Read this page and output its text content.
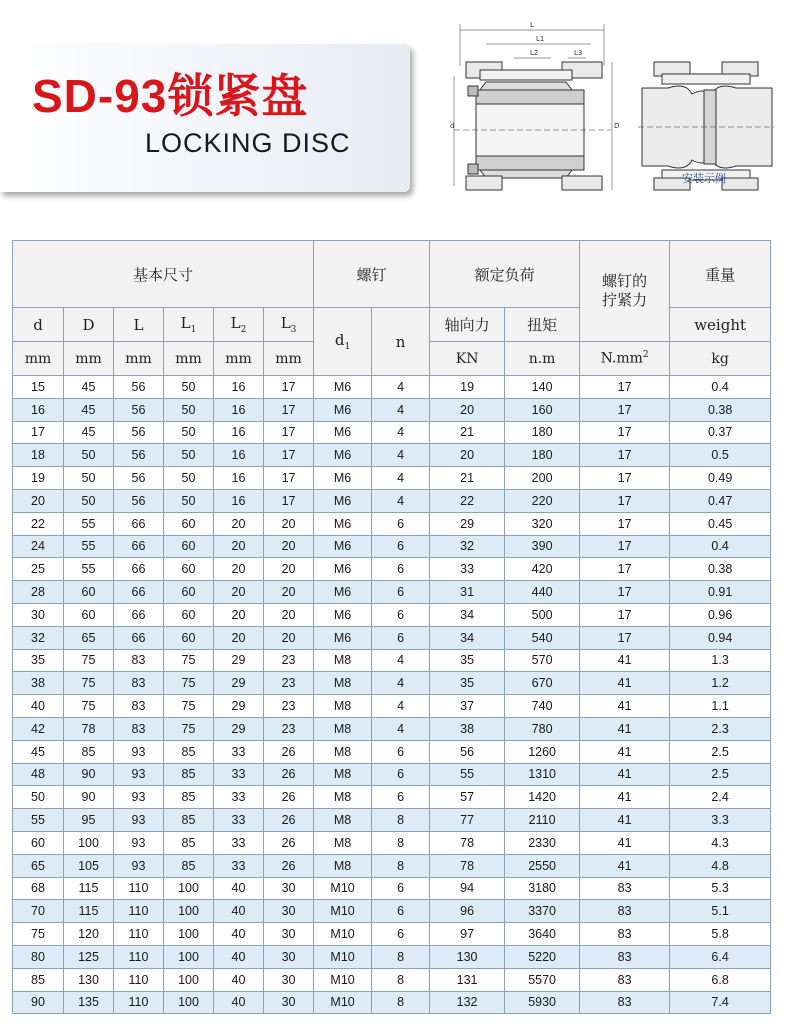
SD-93锁紧盘
LOCKING DISC
L
L1
L2	L3
d	D
安装示例
基本尺寸						螺钉		额定负荷		螺钉的拧紧力	重量
d	D	L	$L_1$	$L_2$	$L_3$	$d_1$	n	轴向力	扭矩		weight
mm	mm	mm	mm	mm	mm			KN	n.m	$N.mm^2$	kg
15	45	56	50	16	17	M6	4	19	140	17	0.4
16	45	56	50	16	17	M6	4	20	160	17	0.38
17	45	56	50	16	17	M6	4	21	180	17	0.37
18	50	56	50	16	17	M6	4	20	180	17	0.5
19	50	56	50	16	17	M6	4	21	200	17	0.49
20	50	56	50	16	17	M6	4	22	220	17	0.47
22	55	66	60	20	20	M6	6	29	320	17	0.45
24	55	66	60	20	20	M6	6	32	390	17	0.4
25	55	66	60	20	20	M6	6	33	420	17	0.38
28	60	66	60	20	20	M6	6	31	440	17	0.91
30	60	66	60	20	20	M6	6	34	500	17	0.96
32	65	66	60	20	20	M6	6	34	540	17	0.94
35	75	83	75	29	23	M8	4	35	570	41	1.3
38	75	83	75	29	23	M8	4	35	670	41	1.2
40	75	83	75	29	23	M8	4	37	740	41	1.1
42	78	83	75	29	23	M8	4	38	780	41	2.3
45	85	93	85	33	26	M8	6	56	1260	41	2.5
48	90	93	85	33	26	M8	6	55	1310	41	2.5
50	90	93	85	33	26	M8	6	57	1420	41	2.4
55	95	93	85	33	26	M8	8	77	2110	41	3.3
60	100	93	85	33	26	M8	8	78	2330	41	4.3
65	105	93	85	33	26	M8	8	78	2550	41	4.8
68	115	110	100	40	30	M10	6	94	3180	83	5.3
70	115	110	100	40	30	M10	6	96	3370	83	5.1
75	120	110	100	40	30	M10	6	97	3640	83	5.8
80	125	110	100	40	30	M10	8	130	5220	83	6.4
85	130	110	100	40	30	M10	8	131	5570	83	6.8
90	135	110	100	40	30	M10	8	132	5930	83	7.4
